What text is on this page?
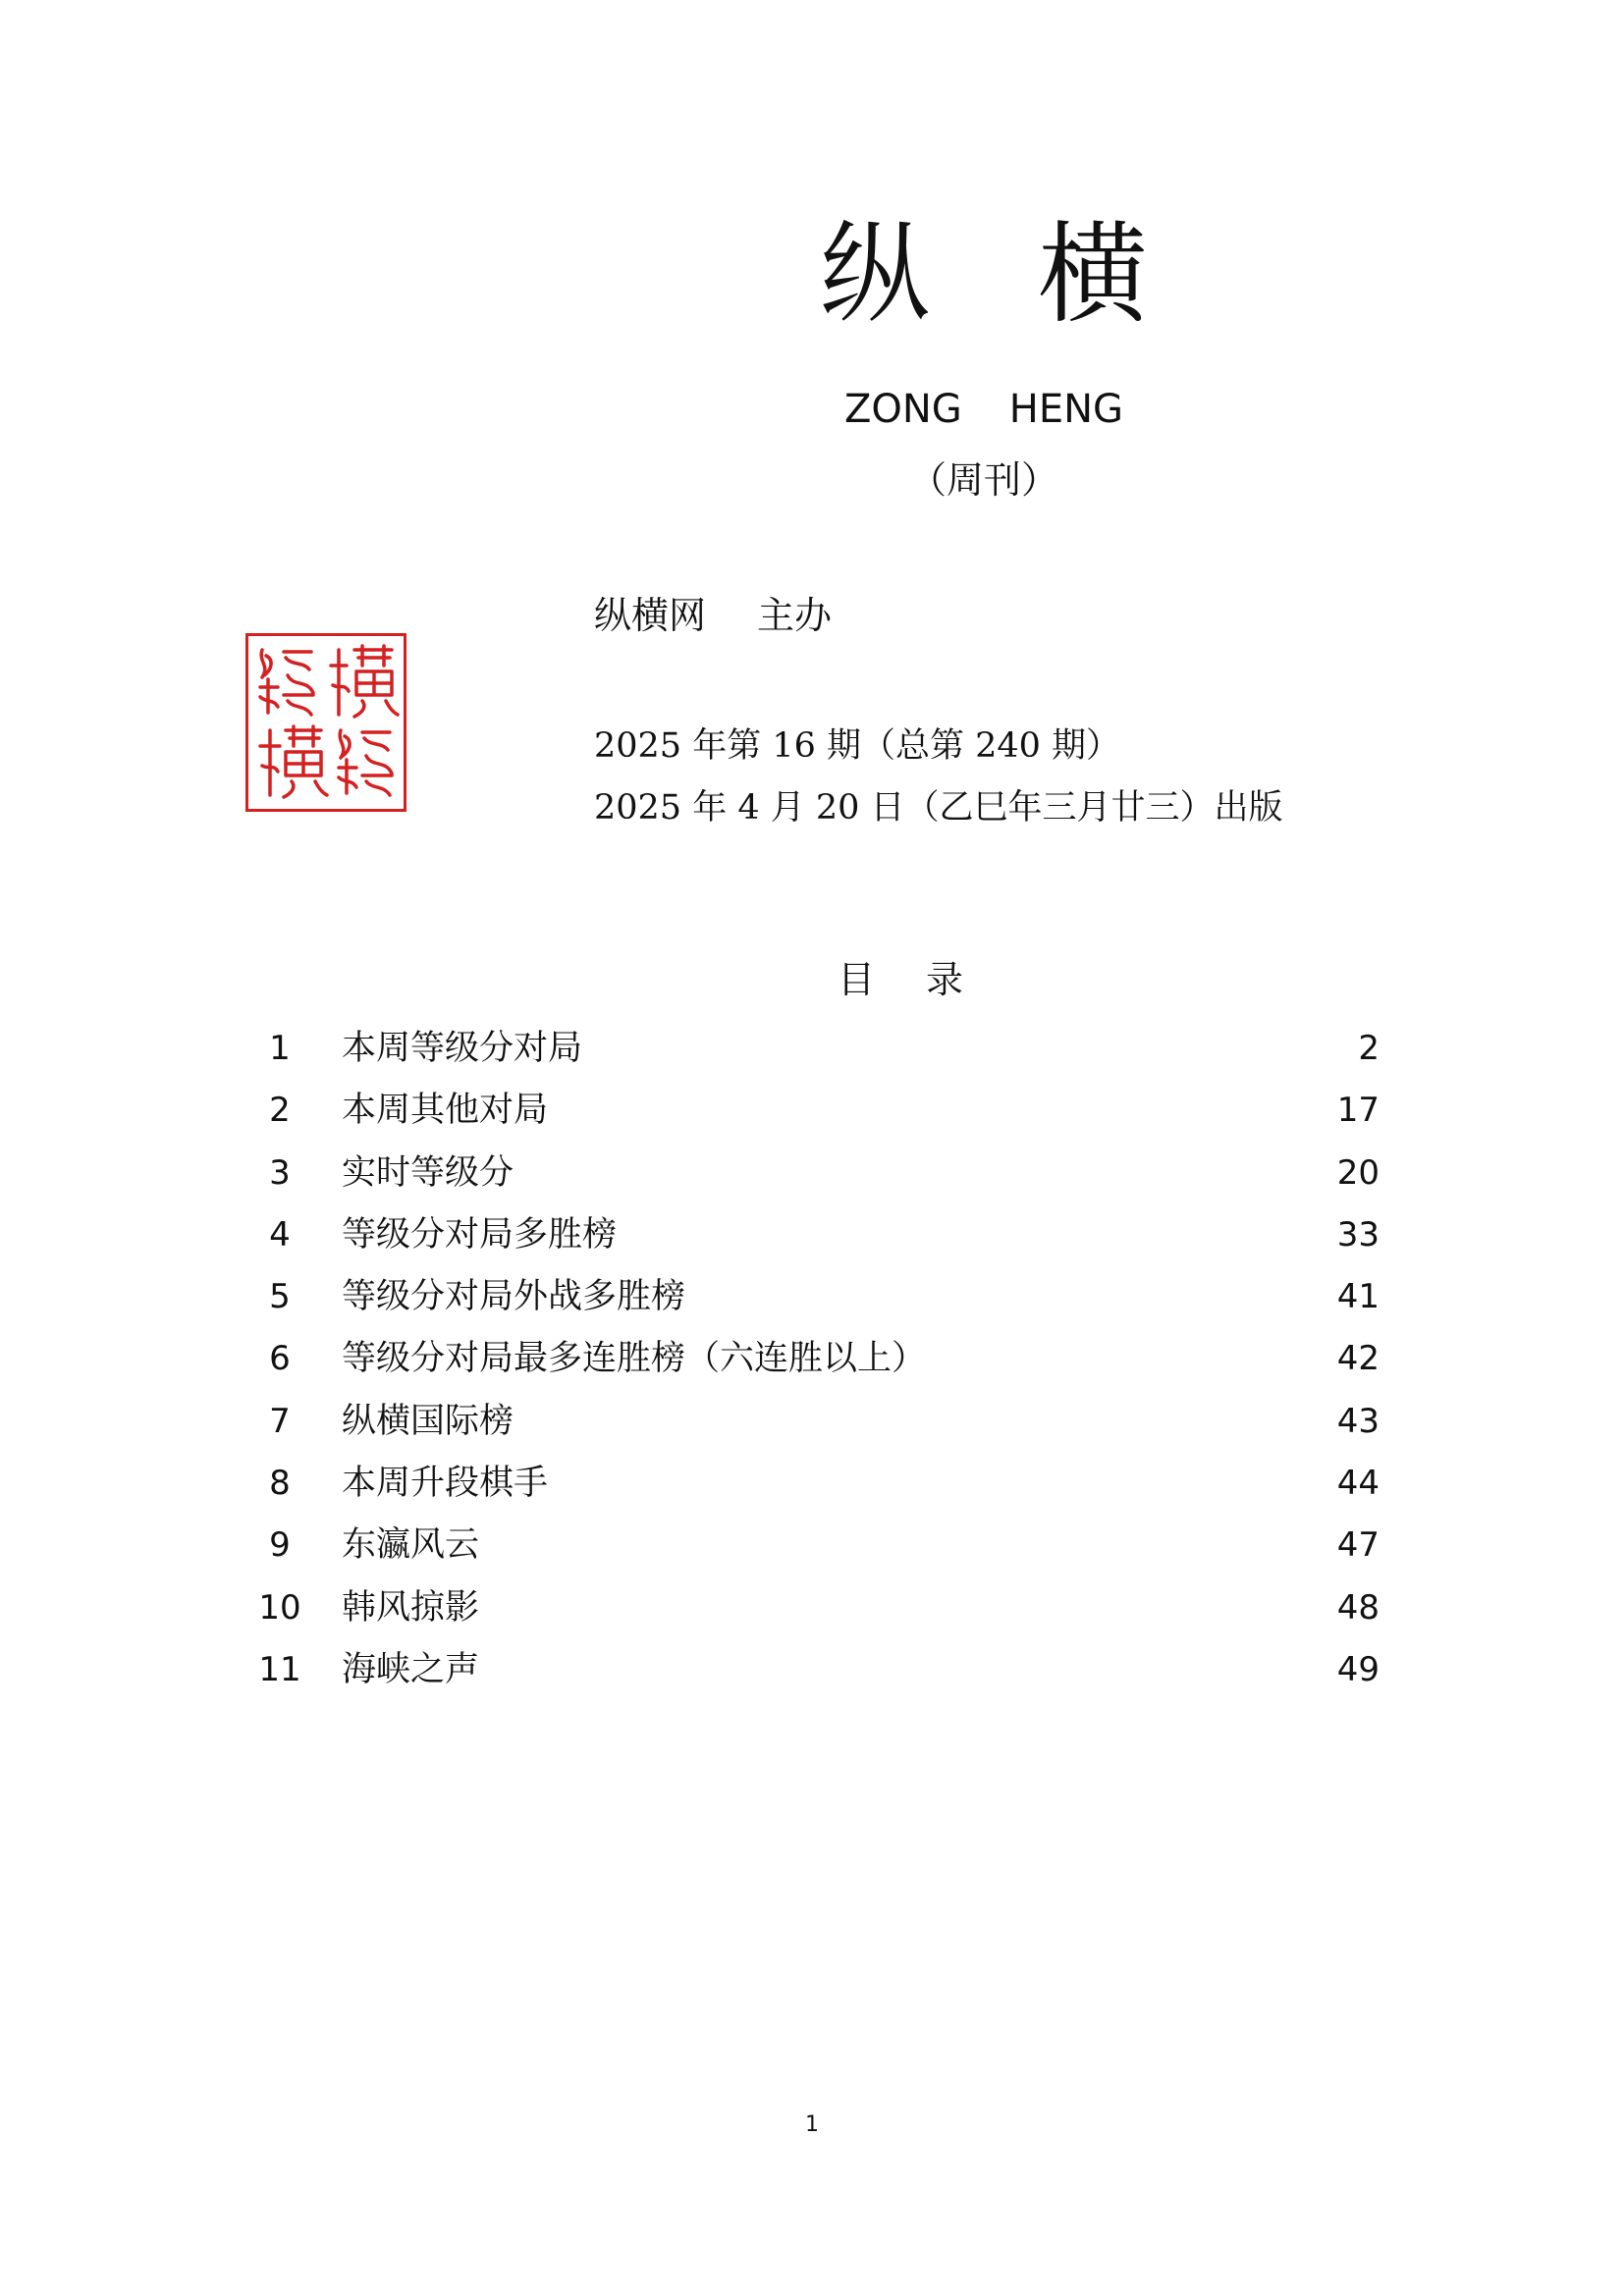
纵 横
ZONG HENG
（周刊）
纵横网 主办
2025 年第 16 期（总第 240 期）
2025 年 4 月 20 日（乙巳年三月廿三）出版
目 录
1	本周等级分对局	2
2	本周其他对局	17
3	实时等级分	20
4	等级分对局多胜榜	33
5	等级分对局外战多胜榜	41
6	等级分对局最多连胜榜（六连胜以上）	42
7	纵横国际榜	43
8	本周升段棋手	44
9	东瀛风云	47
10 韩风掠影	48
11 海峡之声	49
1
